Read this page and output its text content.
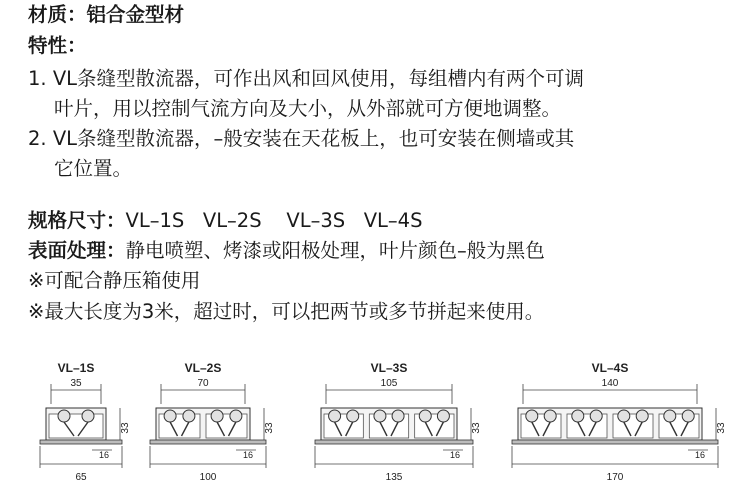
材质：铝合金型材
特性：
1. VL条缝型散流器，可作出风和回风使用，每组槽内有两个可调
叶片，用以控制气流方向及大小，从外部就可方便地调整。
2. VL条缝型散流器，–般安装在天花板上，也可安装在侧墙或其
它位置。
规格尺寸：VL–1S   VL–2S    VL–3S   VL–4S
表面处理：静电喷塑、烤漆或阳极处理，叶片颜色–般为黑色
※可配合静压箱使用
※最大长度为3米，超过时，可以把两节或多节拼起来使用。
VL–1S
35
33
16
65
VL–2S
70
33
16
100
VL–3S
105
33
16
135
VL–4S
140
33
16
170
